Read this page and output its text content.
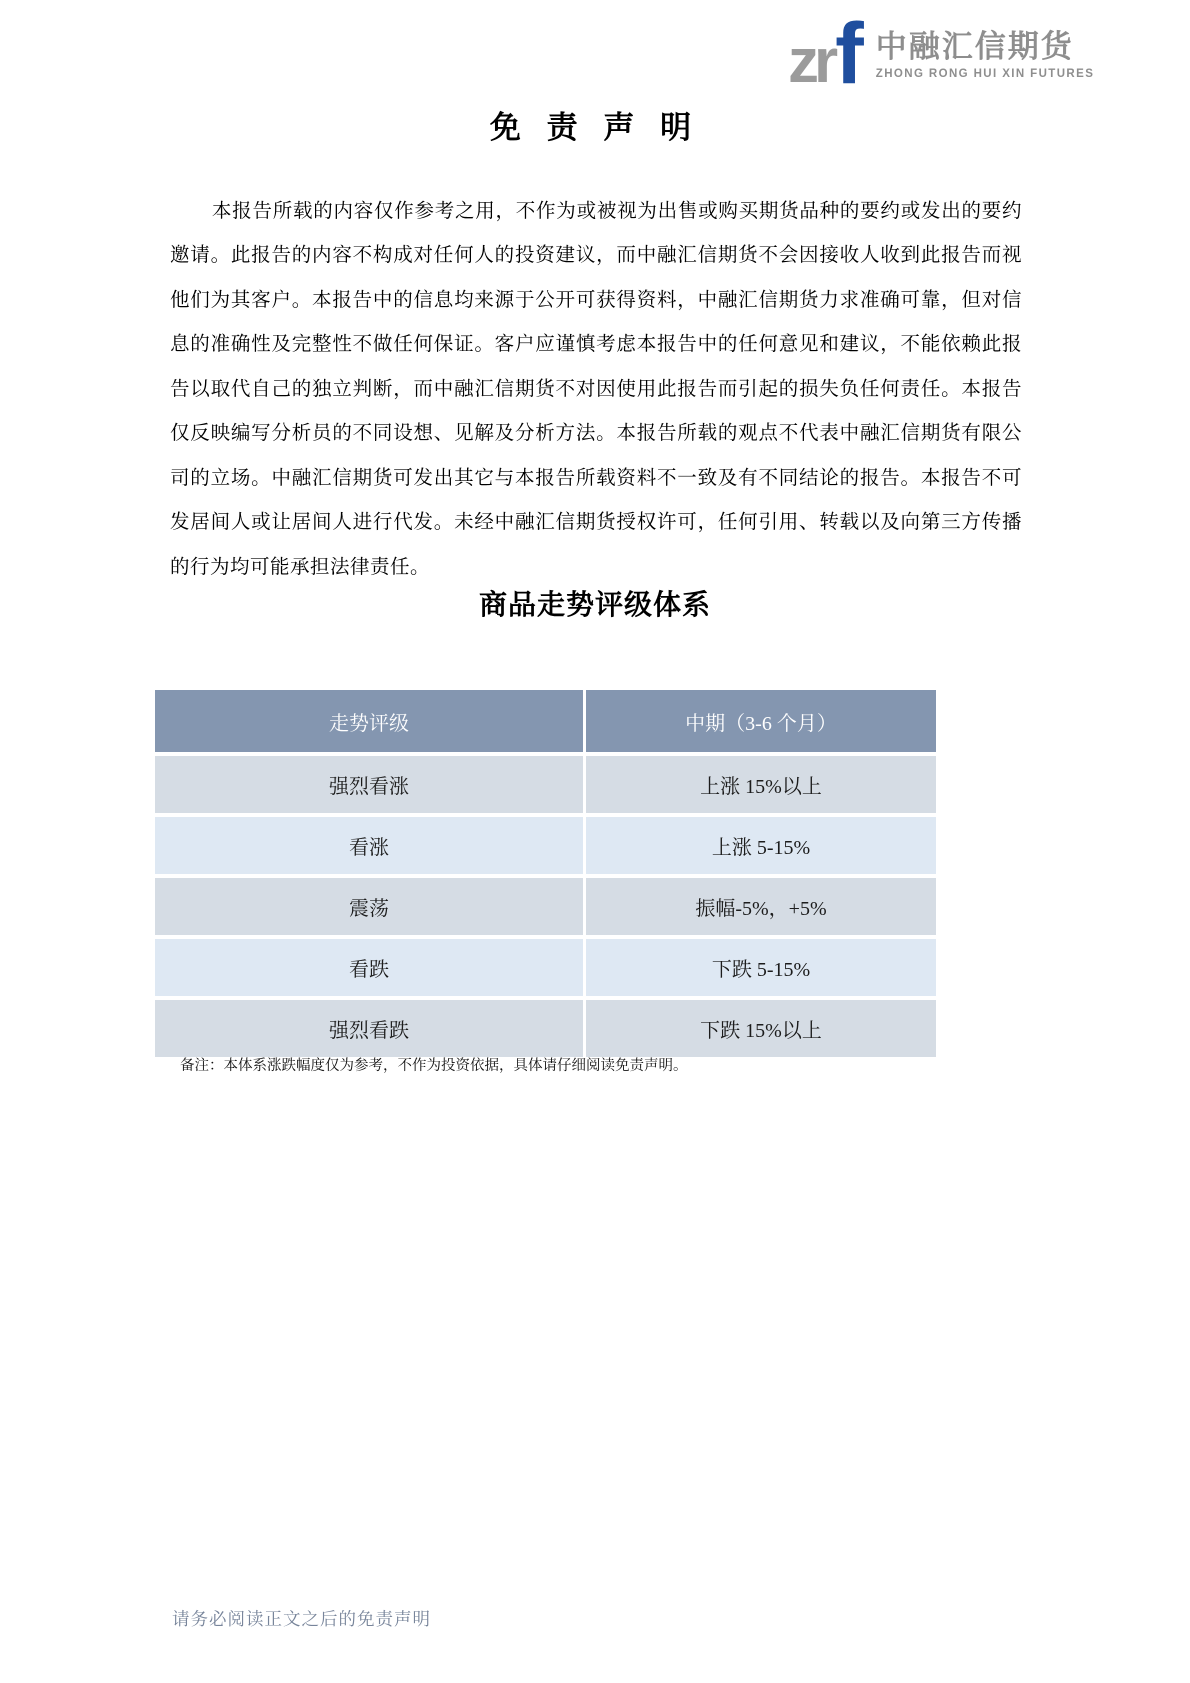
zr f 中融汇信期货
ZHONG RONG HUI XIN FUTURES
免 责 声 明

本报告所载的内容仅作参考之用，不作为或被视为出售或购买期货品种的要约或发出的要约邀请。此报告的内容不构成对任何人的投资建议，而中融汇信期货不会因接收人收到此报告而视他们为其客户。本报告中的信息均来源于公开可获得资料，中融汇信期货力求准确可靠，但对信息的准确性及完整性不做任何保证。客户应谨慎考虑本报告中的任何意见和建议，不能依赖此报告以取代自己的独立判断，而中融汇信期货不对因使用此报告而引起的损失负任何责任。本报告仅反映编写分析员的不同设想、见解及分析方法。本报告所载的观点不代表中融汇信期货有限公司的立场。中融汇信期货可发出其它与本报告所载资料不一致及有不同结论的报告。本报告不可发居间人或让居间人进行代发。未经中融汇信期货授权许可，任何引用、转载以及向第三方传播的行为均可能承担法律责任。

商品走势评级体系
走势评级	中期（3-6 个月）
强烈看涨	上涨 15%以上
看涨	上涨 5-15%
震荡	振幅-5%，+5%
看跌	下跌 5-15%
强烈看跌	下跌 15%以上
备注：本体系涨跌幅度仅为参考，不作为投资依据，具体请仔细阅读免责声明。
请务必阅读正文之后的免责声明
